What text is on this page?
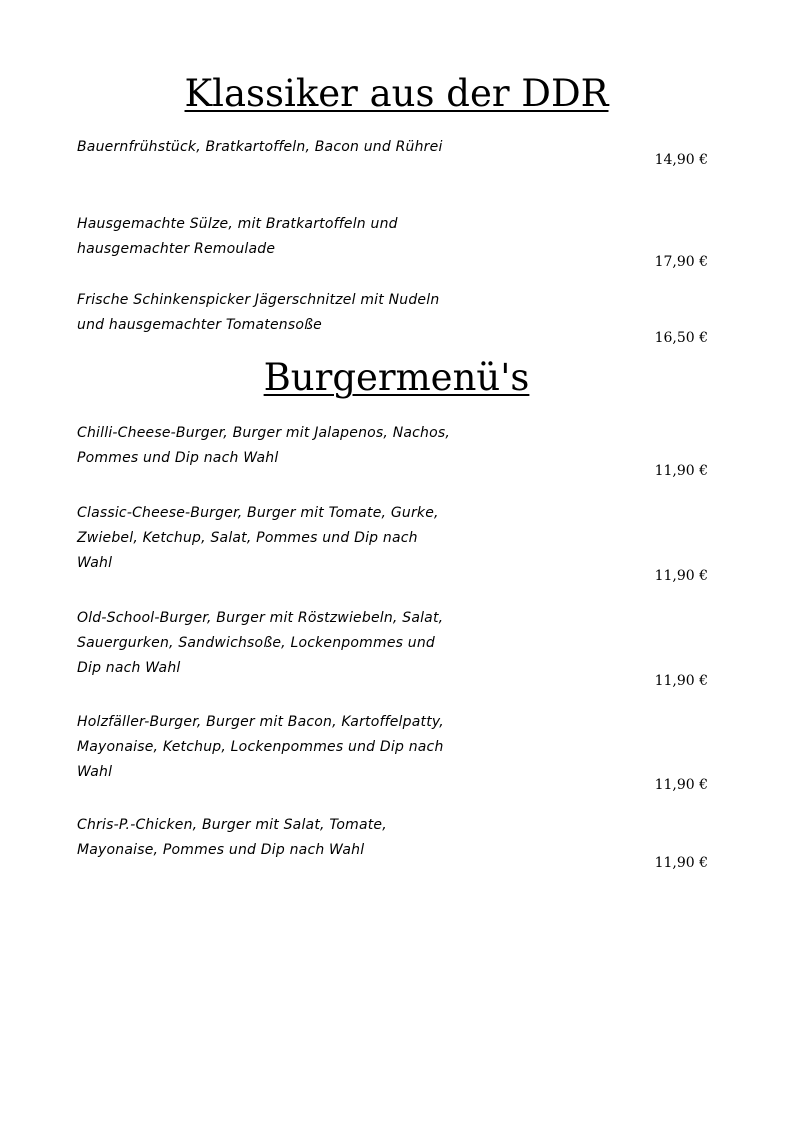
Klassiker aus der DDR
Bauernfrühstück, Bratkartoffeln, Bacon und Rührei
14,90 €
Hausgemachte Sülze, mit Bratkartoffeln und hausgemachter Remoulade
17,90 €
Frische Schinkenspicker Jägerschnitzel mit Nudeln und hausgemachter Tomatensoße
16,50 €
Burgermenü's
Chilli-Cheese-Burger, Burger mit Jalapenos, Nachos, Pommes und Dip nach Wahl
11,90 €
Classic-Cheese-Burger, Burger mit Tomate, Gurke, Zwiebel, Ketchup, Salat, Pommes und Dip nach Wahl
11,90 €
Old-School-Burger, Burger mit Röstzwiebeln, Salat, Sauergurken, Sandwichsoße, Lockenpommes und Dip nach Wahl
11,90 €
Holzfäller-Burger, Burger mit Bacon, Kartoffelpatty, Mayonaise, Ketchup, Lockenpommes und Dip nach Wahl
11,90 €
Chris-P.-Chicken, Burger mit Salat, Tomate, Mayonaise, Pommes und Dip nach Wahl
11,90 €
